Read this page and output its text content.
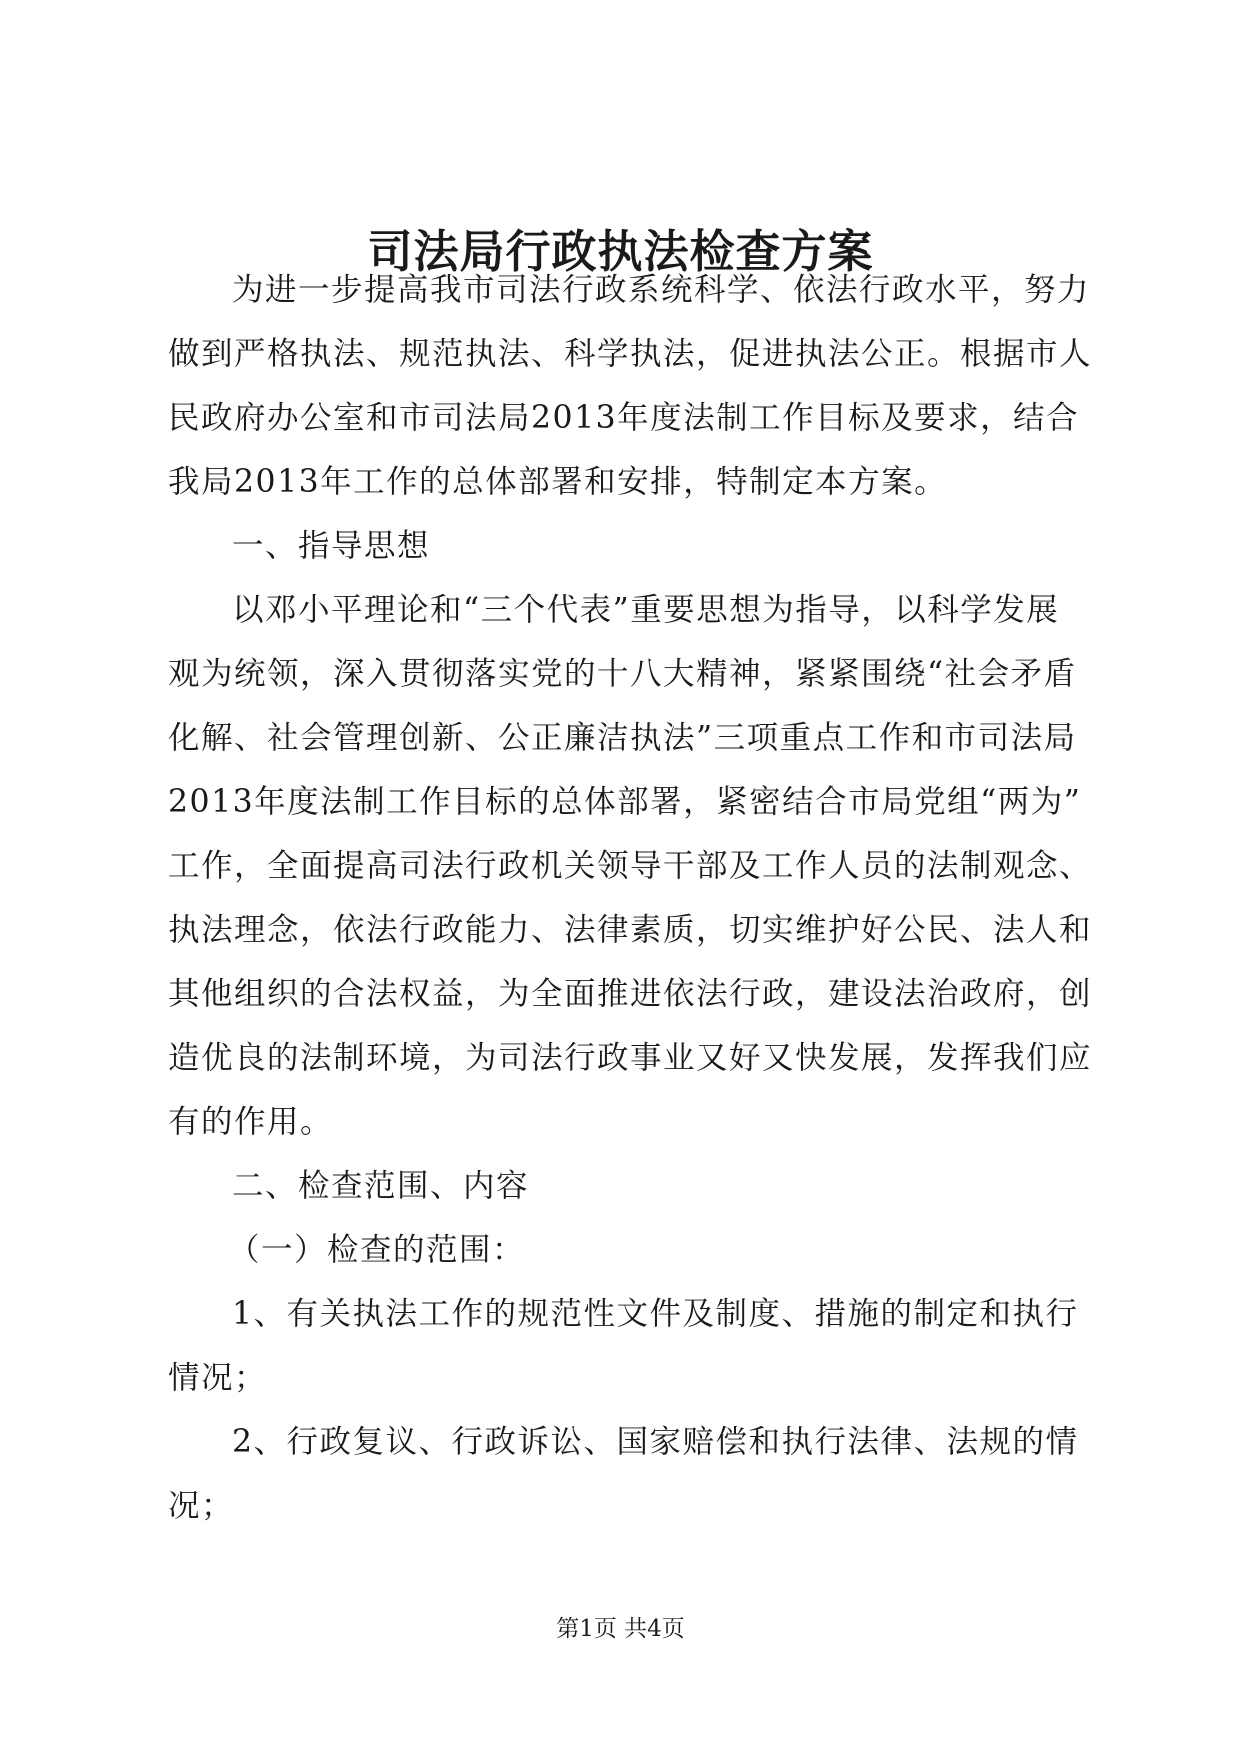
司法局行政执法检查方案

为进一步提高我市司法行政系统科学、依法行政水平，努力
做到严格执法、规范执法、科学执法，促进执法公正。根据市人
民政府办公室和市司法局2013年度法制工作目标及要求，结合
我局2013年工作的总体部署和安排，特制定本方案。

一、指导思想

以邓小平理论和“三个代表”重要思想为指导，以科学发展
观为统领，深入贯彻落实党的十八大精神，紧紧围绕“社会矛盾
化解、社会管理创新、公正廉洁执法”三项重点工作和市司法局
2013年度法制工作目标的总体部署，紧密结合市局党组“两为”
工作，全面提高司法行政机关领导干部及工作人员的法制观念、
执法理念，依法行政能力、法律素质，切实维护好公民、法人和
其他组织的合法权益，为全面推进依法行政，建设法治政府，创
造优良的法制环境，为司法行政事业又好又快发展，发挥我们应
有的作用。

二、检查范围、内容

（一）检查的范围：

1、有关执法工作的规范性文件及制度、措施的制定和执行
情况；

2、行政复议、行政诉讼、国家赔偿和执行法律、法规的情
况；

第1页 共4页
